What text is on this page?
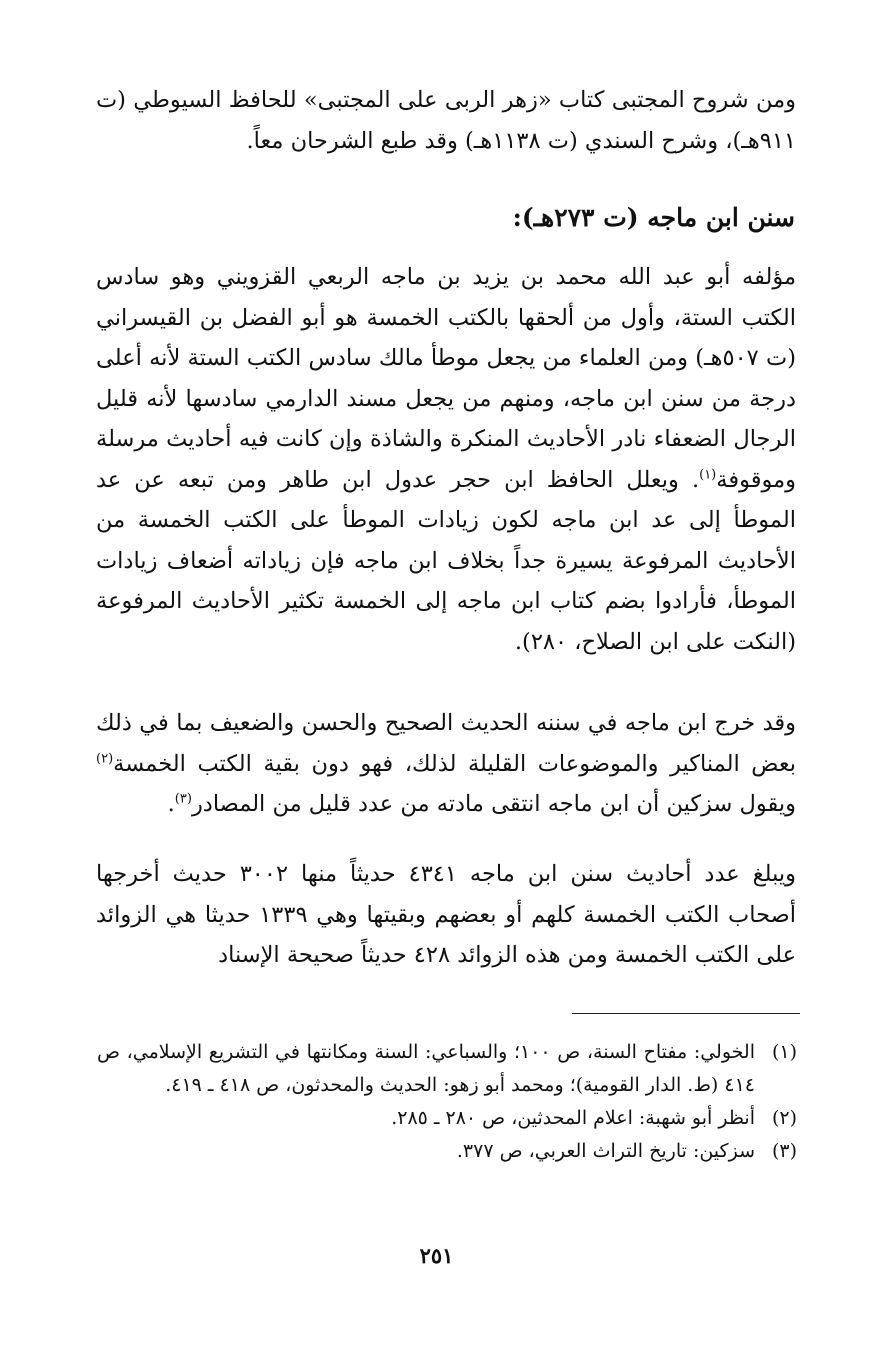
ومن شروح المجتبى كتاب «زهر الربى على المجتبى» للحافظ السيوطي (ت ٩١١هـ)، وشرح السندي (ت ١١٣٨هـ) وقد طبع الشرحان معاً.

سنن ابن ماجه (ت ٢٧٣هـ):

مؤلفه أبو عبد الله محمد بن يزيد بن ماجه الربعي القزويني وهو سادس الكتب الستة، وأول من ألحقها بالكتب الخمسة هو أبو الفضل بن القيسراني (ت ٥٠٧هـ) ومن العلماء من يجعل موطأ مالك سادس الكتب الستة لأنه أعلى درجة من سنن ابن ماجه، ومنهم من يجعل مسند الدارمي سادسها لأنه قليل الرجال الضعفاء نادر الأحاديث المنكرة والشاذة وإن كانت فيه أحاديث مرسلة وموقوفة$^{(١)}$. ويعلل الحافظ ابن حجر عدول ابن طاهر ومن تبعه عن عد الموطأ إلى عد ابن ماجه لكون زيادات الموطأ على الكتب الخمسة من الأحاديث المرفوعة يسيرة جداً بخلاف ابن ماجه فإن زياداته أضعاف زيادات الموطأ، فأرادوا بضم كتاب ابن ماجه إلى الخمسة تكثير الأحاديث المرفوعة (النكت على ابن الصلاح، ٢٨٠).

وقد خرج ابن ماجه في سننه الحديث الصحيح والحسن والضعيف بما في ذلك بعض المناكير والموضوعات القليلة لذلك، فهو دون بقية الكتب الخمسة$^{(٢)}$ ويقول سزكين أن ابن ماجه انتقى مادته من عدد قليل من المصادر$^{(٣)}$.

ويبلغ عدد أحاديث سنن ابن ماجه ٤٣٤١ حديثاً منها ٣٠٠٢ حديث أخرجها أصحاب الكتب الخمسة كلهم أو بعضهم وبقيتها وهي ١٣٣٩ حديثا هي الزوائد على الكتب الخمسة ومن هذه الزوائد ٤٢٨ حديثاً صحيحة الإسناد

(١)
الخولي: مفتاح السنة، ص ١٠٠؛ والسباعي: السنة ومكانتها في التشريع الإسلامي، ص ٤١٤ (ط. الدار القومية)؛ ومحمد أبو زهو: الحديث والمحدثون، ص ٤١٨ ـ ٤١٩.
(٢)
أنظر أبو شهبة: اعلام المحدثين، ص ٢٨٠ ـ ٢٨٥.
(٣)
سزكين: تاريخ التراث العربي، ص ٣٧٧.
٢٥١
